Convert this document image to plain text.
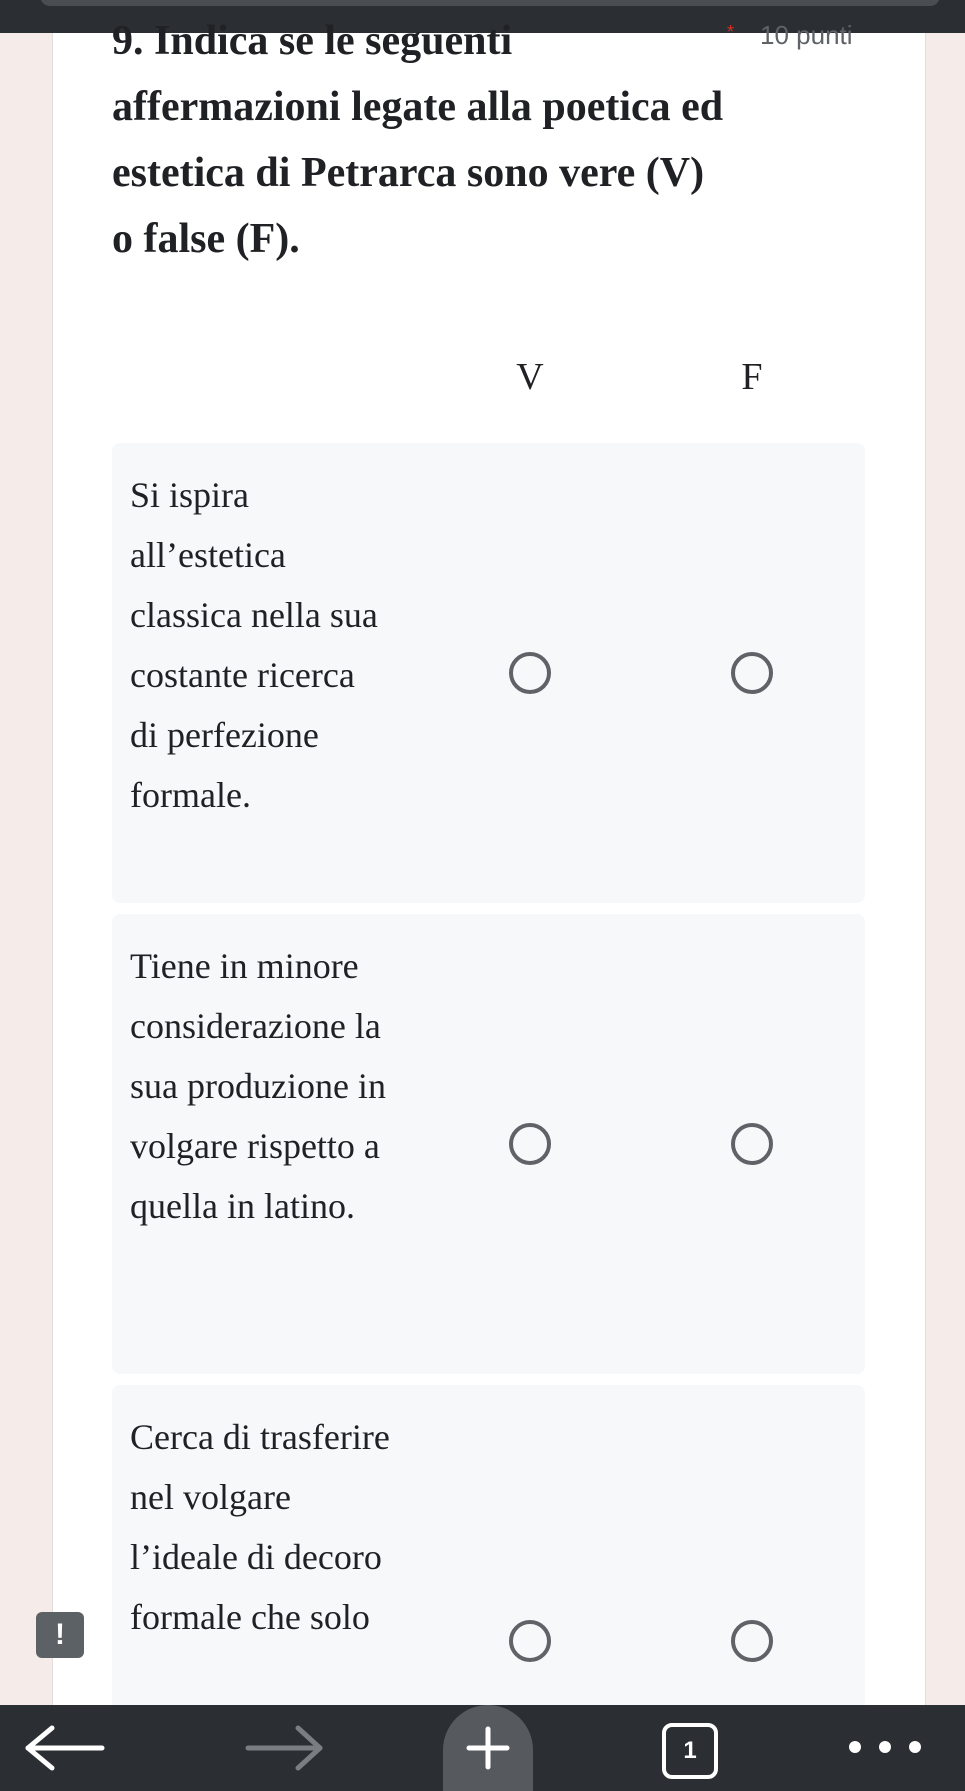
9. Indica se le seguenti affermazioni legate alla poetica ed estetica di Petrarca sono vere (V) o false (F).

* 10 punti
V	F
Si ispira all’estetica classica nella sua costante ricerca di perfezione formale.
Tiene in minore considerazione la sua produzione in volgare rispetto a quella in latino.
Cerca di trasferire nel volgare l’ideale di decoro formale che solo
!
1
